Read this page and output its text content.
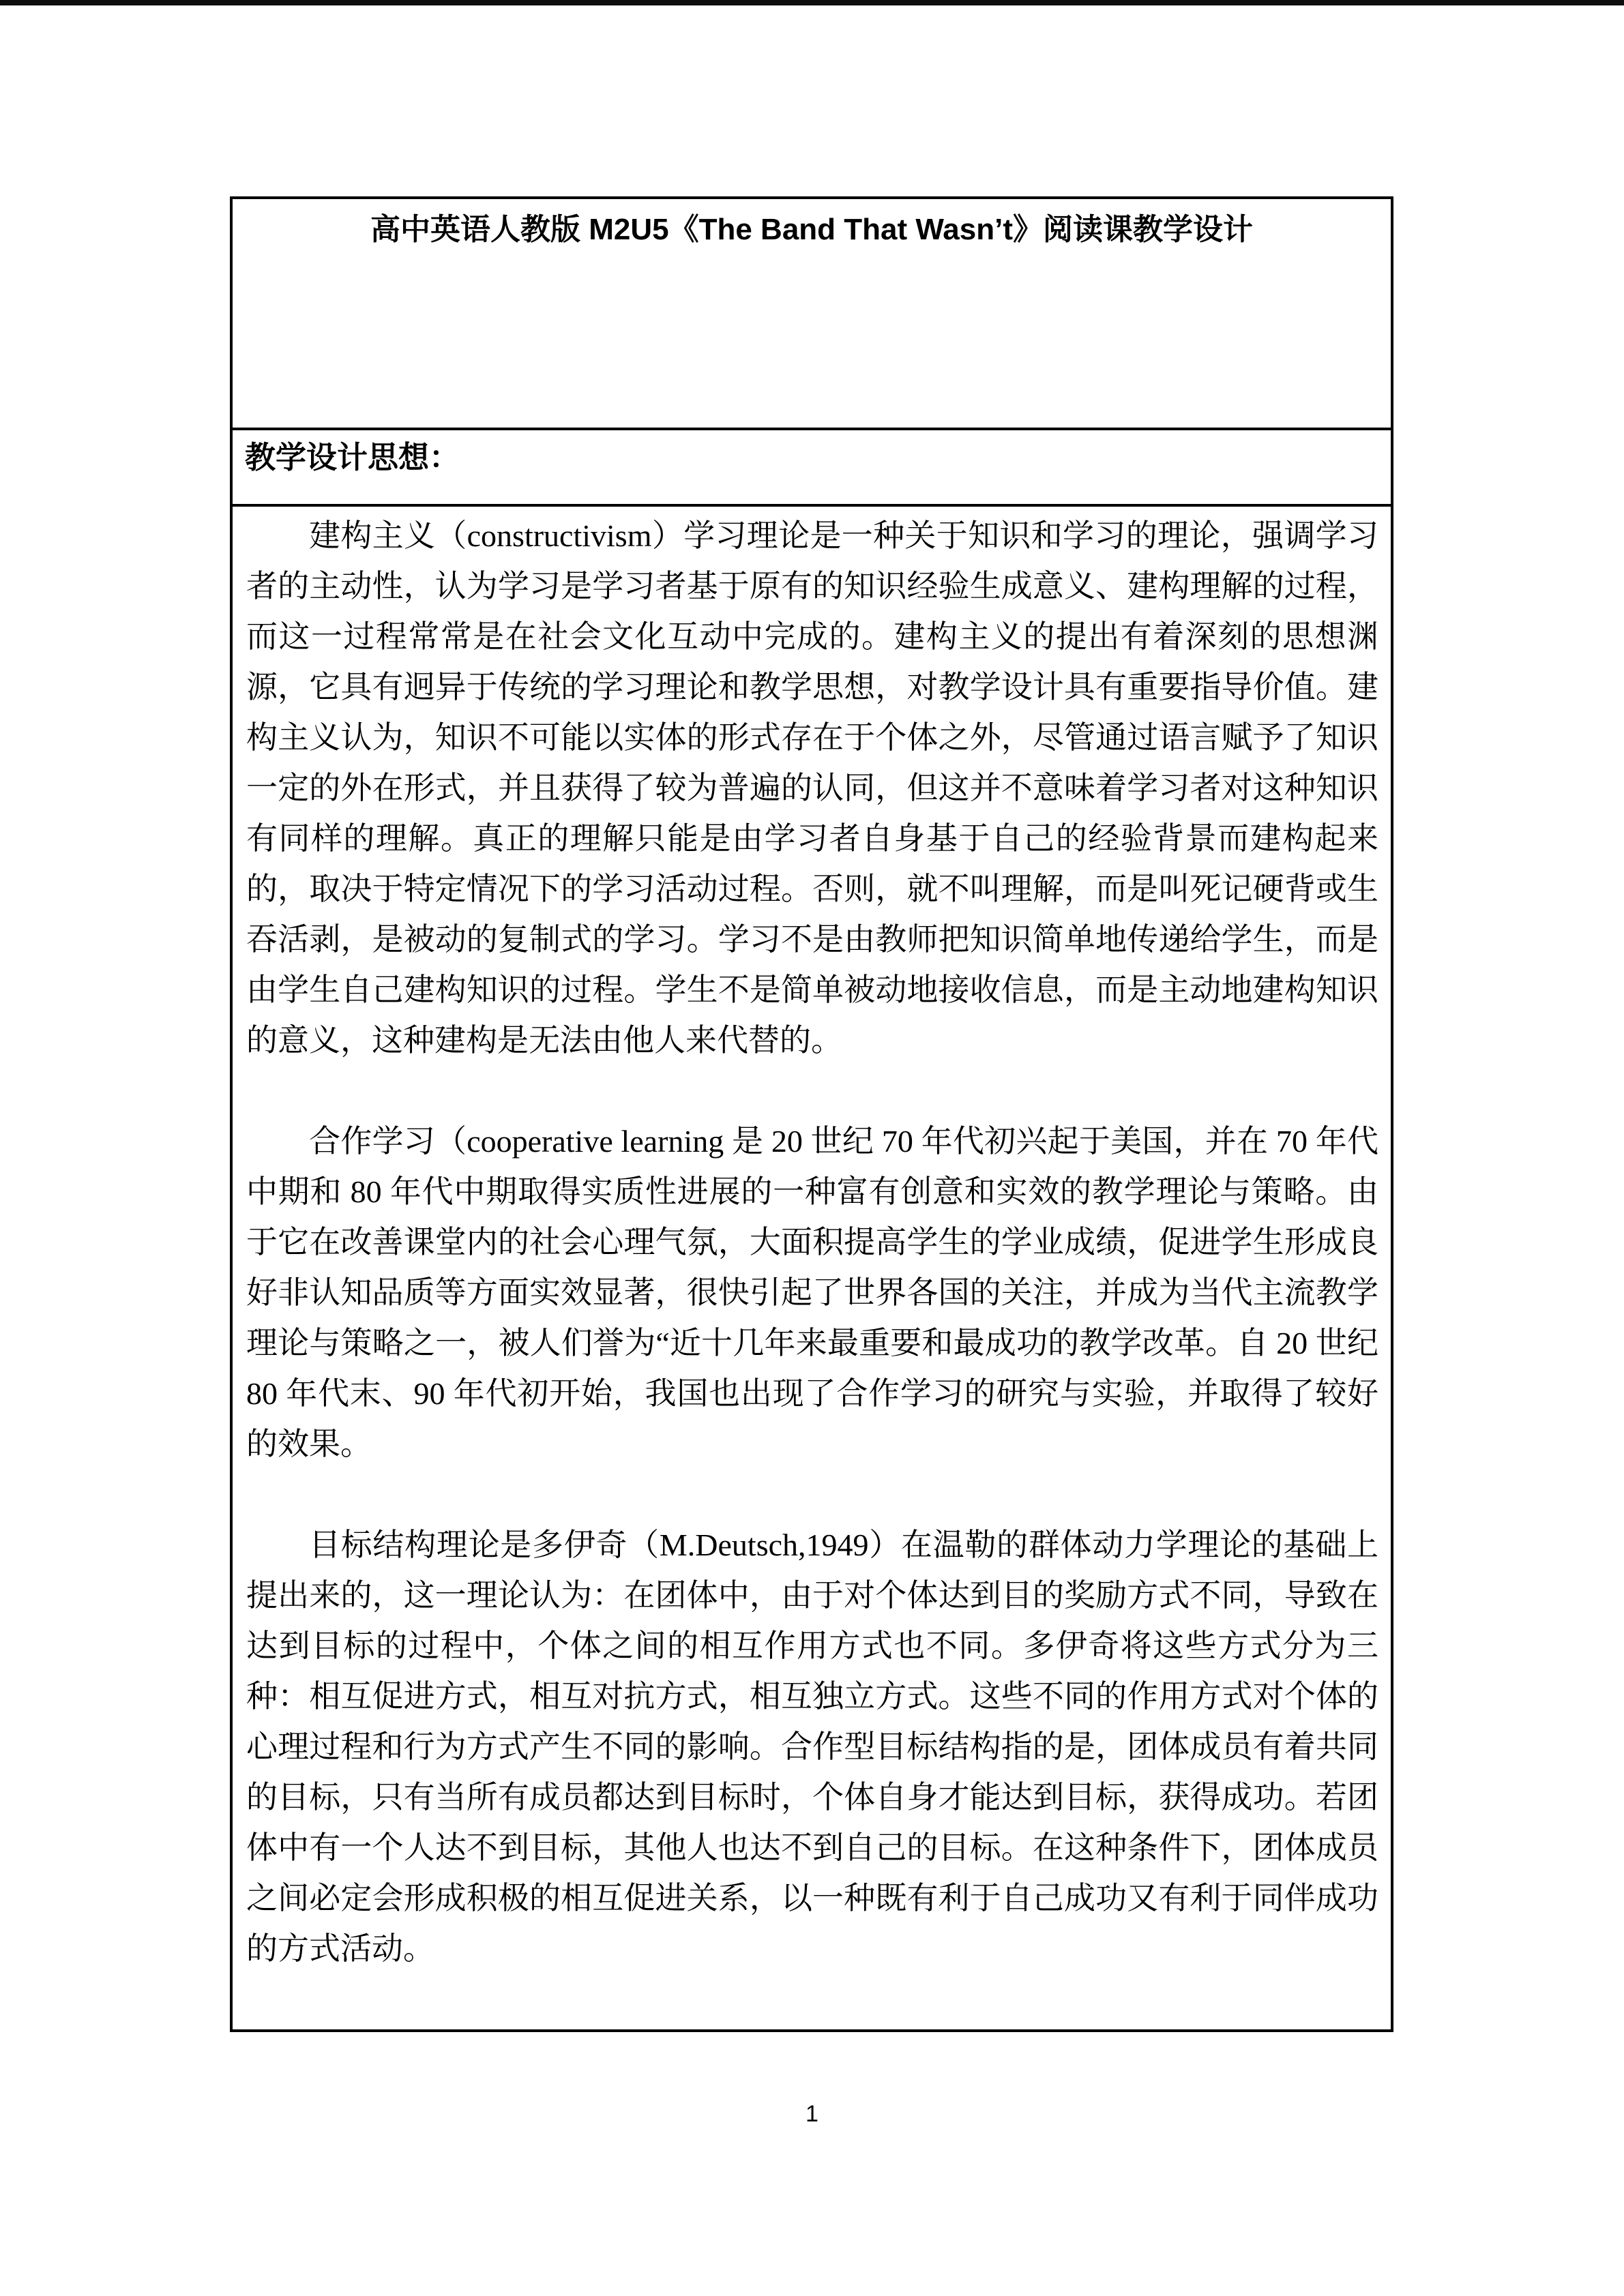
高中英语人教版 M2U5《The Band That Wasn’t》阅读课教学设计
教学设计思想：

建构主义（constructivism）学习理论是一种关于知识和学习的理论，强调学习者的主动性，认为学习是学习者基于原有的知识经验生成意义、建构理解的过程，而这一过程常常是在社会文化互动中完成的。建构主义的提出有着深刻的思想渊源，它具有迥异于传统的学习理论和教学思想，对教学设计具有重要指导价值。建构主义认为，知识不可能以实体的形式存在于个体之外，尽管通过语言赋予了知识一定的外在形式，并且获得了较为普遍的认同，但这并不意味着学习者对这种知识有同样的理解。真正的理解只能是由学习者自身基于自己的经验背景而建构起来的，取决于特定情况下的学习活动过程。否则，就不叫理解，而是叫死记硬背或生吞活剥，是被动的复制式的学习。学习不是由教师把知识简单地传递给学生，而是由学生自己建构知识的过程。学生不是简单被动地接收信息，而是主动地建构知识的意义，这种建构是无法由他人来代替的。

合作学习（cooperative learning 是 20 世纪 70 年代初兴起于美国，并在 70 年代中期和 80 年代中期取得实质性进展的一种富有创意和实效的教学理论与策略。由于它在改善课堂内的社会心理气氛，大面积提高学生的学业成绩，促进学生形成良好非认知品质等方面实效显著，很快引起了世界各国的关注，并成为当代主流教学理论与策略之一，被人们誉为“近十几年来最重要和最成功的教学改革。自 20 世纪 80 年代末、90 年代初开始，我国也出现了合作学习的研究与实验，并取得了较好的效果。

目标结构理论是多伊奇（M.Deutsch,1949）在温勒的群体动力学理论的基础上提出来的，这一理论认为：在团体中，由于对个体达到目的奖励方式不同，导致在达到目标的过程中，个体之间的相互作用方式也不同。多伊奇将这些方式分为三种：相互促进方式，相互对抗方式，相互独立方式。这些不同的作用方式对个体的心理过程和行为方式产生不同的影响。合作型目标结构指的是，团体成员有着共同的目标，只有当所有成员都达到目标时，个体自身才能达到目标，获得成功。若团体中有一个人达不到目标，其他人也达不到自己的目标。在这种条件下，团体成员之间必定会形成积极的相互促进关系，以一种既有利于自己成功又有利于同伴成功的方式活动。

1
